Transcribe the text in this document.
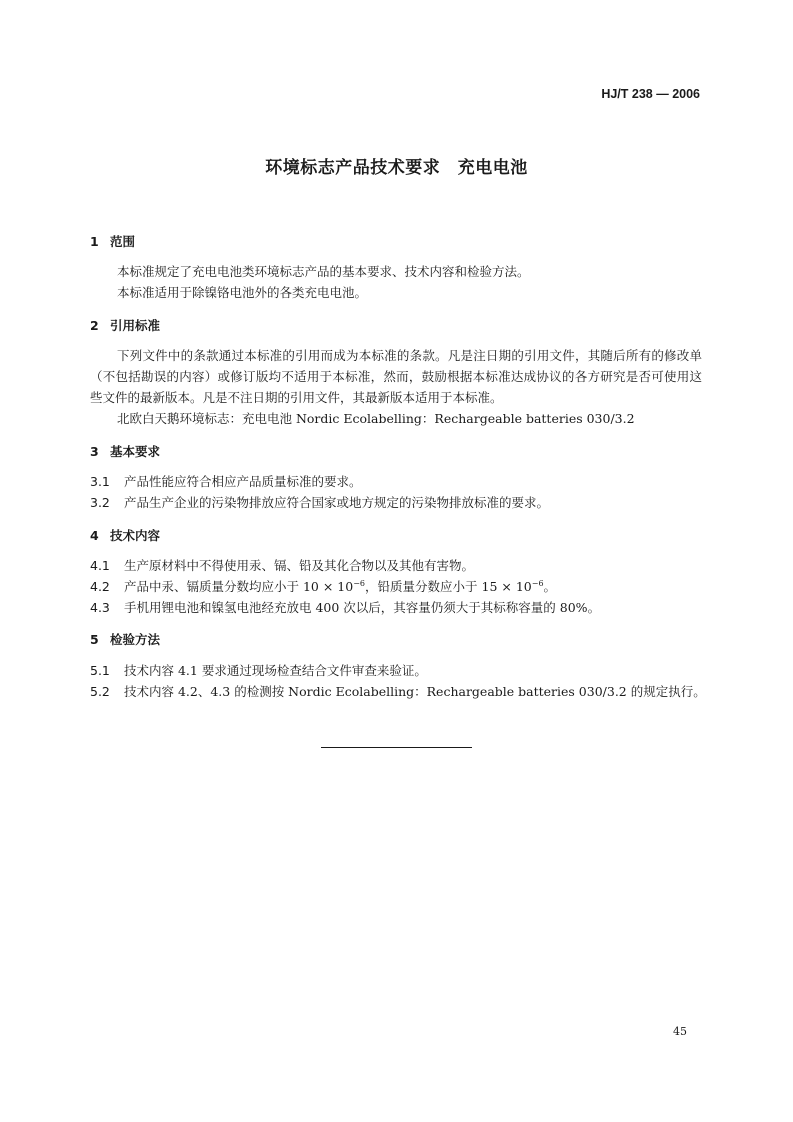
HJ/T 238 — 2006
环境标志产品技术要求　充电电池
1 范围
本标准规定了充电电池类环境标志产品的基本要求、技术内容和检验方法。
本标准适用于除镍铬电池外的各类充电电池。
2 引用标准
下列文件中的条款通过本标准的引用而成为本标准的条款。凡是注日期的引用文件，其随后所有的修改单（不包括勘误的内容）或修订版均不适用于本标准，然而，鼓励根据本标准达成协议的各方研究是否可使用这些文件的最新版本。凡是不注日期的引用文件，其最新版本适用于本标准。
北欧白天鹅环境标志：充电电池 Nordic Ecolabelling：Rechargeable batteries 030/3.2
3 基本要求
3.1 产品性能应符合相应产品质量标准的要求。
3.2 产品生产企业的污染物排放应符合国家或地方规定的污染物排放标准的要求。
4 技术内容
4.1 生产原材料中不得使用汞、镉、铅及其化合物以及其他有害物。
4.2 产品中汞、镉质量分数均应小于 $10 \times 10^{-6}$，铅质量分数应小于 $15 \times 10^{-6}$。
4.3 手机用锂电池和镍氢电池经充放电 400 次以后，其容量仍须大于其标称容量的 80%。
5 检验方法
5.1 技术内容 4.1 要求通过现场检查结合文件审查来验证。
5.2 技术内容 4.2、4.3 的检测按 Nordic Ecolabelling：Rechargeable batteries 030/3.2 的规定执行。
45
